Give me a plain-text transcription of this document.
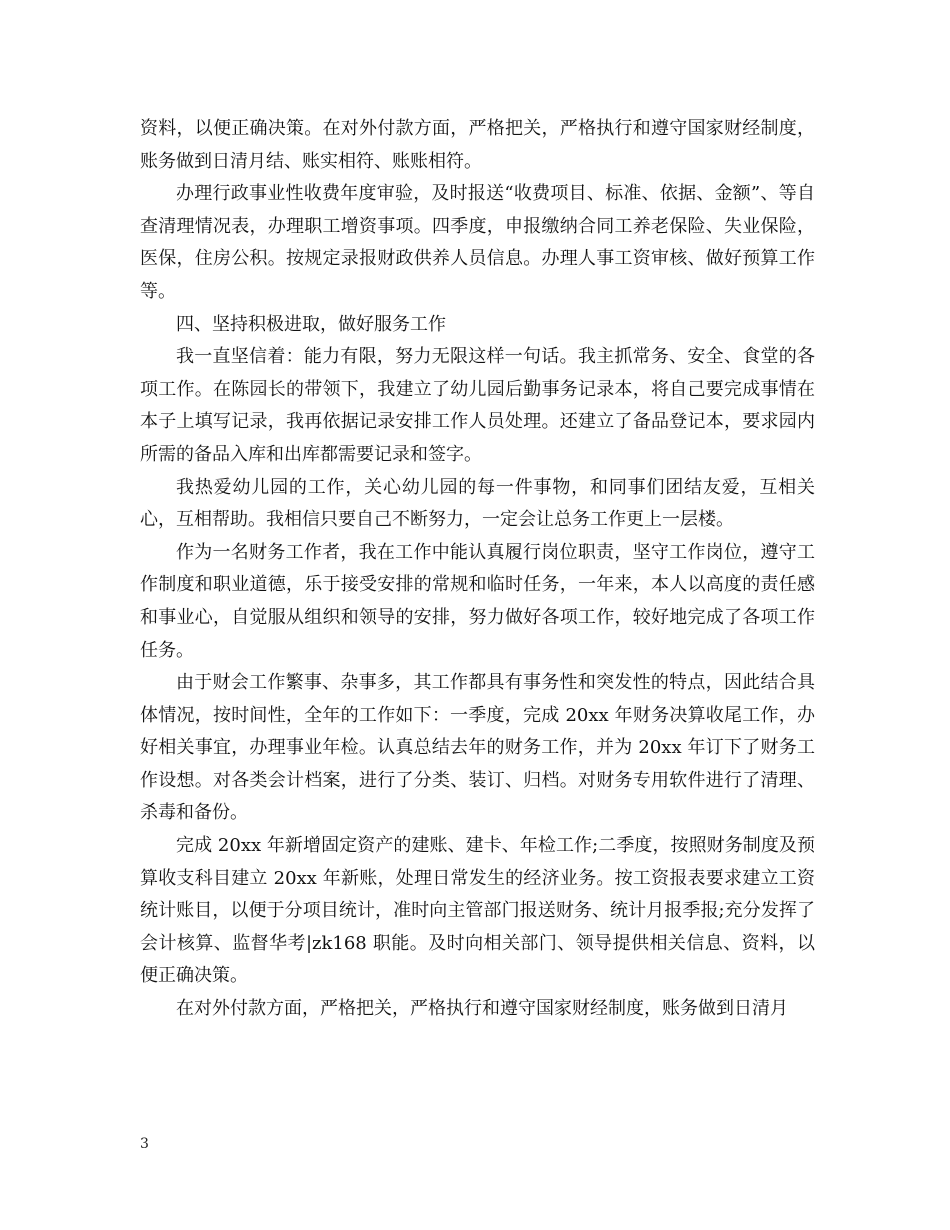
资料，以便正确决策。在对外付款方面，严格把关，严格执行和遵守国家财经制度，账务做到日清月结、账实相符、账账相符。

办理行政事业性收费年度审验，及时报送“收费项目、标准、依据、金额”、等自查清理情况表，办理职工增资事项。四季度，申报缴纳合同工养老保险、失业保险，医保，住房公积。按规定录报财政供养人员信息。办理人事工资审核、做好预算工作等。

四、坚持积极进取，做好服务工作

我一直坚信着：能力有限，努力无限这样一句话。我主抓常务、安全、食堂的各项工作。在陈园长的带领下，我建立了幼儿园后勤事务记录本，将自己要完成事情在本子上填写记录，我再依据记录安排工作人员处理。还建立了备品登记本，要求园内所需的备品入库和出库都需要记录和签字。

我热爱幼儿园的工作，关心幼儿园的每一件事物，和同事们团结友爱，互相关心，互相帮助。我相信只要自己不断努力，一定会让总务工作更上一层楼。

作为一名财务工作者，我在工作中能认真履行岗位职责，坚守工作岗位，遵守工作制度和职业道德，乐于接受安排的常规和临时任务，一年来，本人以高度的责任感和事业心，自觉服从组织和领导的安排，努力做好各项工作，较好地完成了各项工作任务。

由于财会工作繁事、杂事多，其工作都具有事务性和突发性的特点，因此结合具体情况，按时间性，全年的工作如下：一季度，完成 20xx 年财务决算收尾工作，办好相关事宜，办理事业年检。认真总结去年的财务工作，并为 20xx 年订下了财务工作设想。对各类会计档案，进行了分类、装订、归档。对财务专用软件进行了清理、杀毒和备份。

完成 20xx 年新增固定资产的建账、建卡、年检工作;二季度，按照财务制度及预算收支科目建立 20xx 年新账，处理日常发生的经济业务。按工资报表要求建立工资统计账目，以便于分项目统计，准时向主管部门报送财务、统计月报季报;充分发挥了会计核算、监督华考|zk168 职能。及时向相关部门、领导提供相关信息、资料，以便正确决策。

在对外付款方面，严格把关，严格执行和遵守国家财经制度，账务做到日清月

3
